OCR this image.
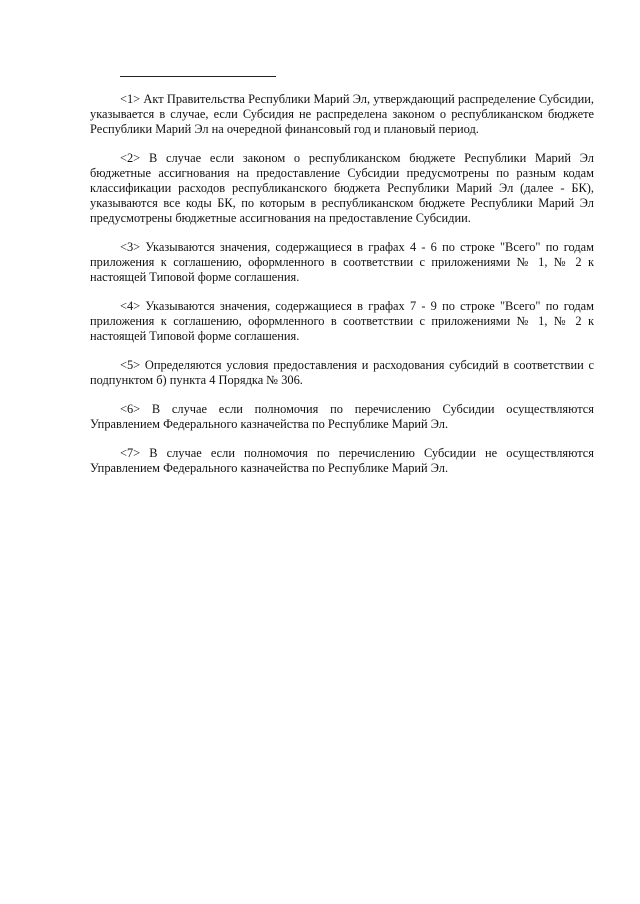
<1> Акт Правительства Республики Марий Эл, утверждающий распределение Субсидии, указывается в случае, если Субсидия не распределена законом о республиканском бюджете Республики Марий Эл на очередной финансовый год и плановый период.

<2> В случае если законом о республиканском бюджете Республики Марий Эл бюджетные ассигнования на предоставление Субсидии предусмотрены по разным кодам классификации расходов республиканского бюджета Республики Марий Эл (далее - БК), указываются все коды БК, по которым в республиканском бюджете Республики Марий Эл предусмотрены бюджетные ассигнования на предоставление Субсидии.

<3> Указываются значения, содержащиеся в графах 4 - 6 по строке "Всего" по годам приложения к соглашению, оформленного в соответствии с приложениями № 1, № 2 к настоящей Типовой форме соглашения.

<4> Указываются значения, содержащиеся в графах 7 - 9 по строке "Всего" по годам приложения к соглашению, оформленного в соответствии с приложениями № 1, № 2 к настоящей Типовой форме соглашения.

<5> Определяются условия предоставления и расходования субсидий в соответствии с подпунктом б) пункта 4 Порядка № 306.

<6> В случае если полномочия по перечислению Субсидии осуществляются Управлением Федерального казначейства по Республике Марий Эл.

<7> В случае если полномочия по перечислению Субсидии не осуществляются Управлением Федерального казначейства по Республике Марий Эл.
